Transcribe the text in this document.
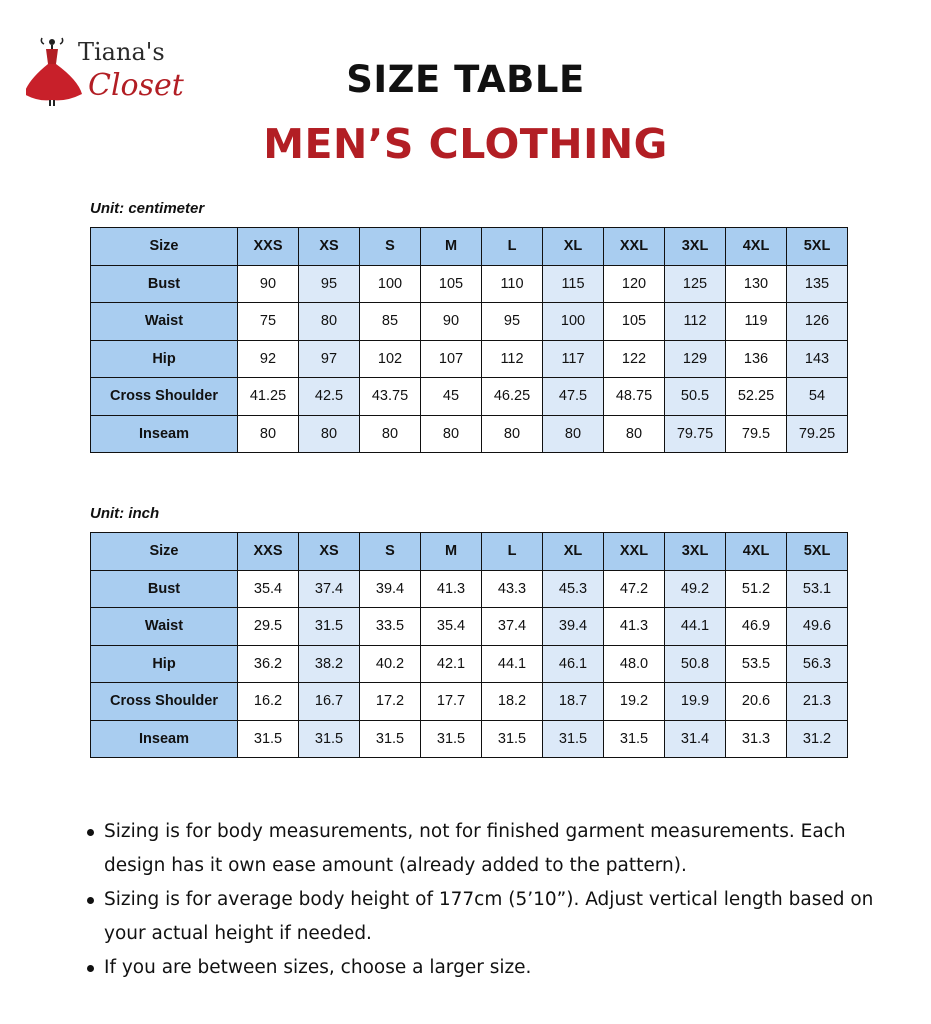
Tiana's
Closet	SIZE TABLE
MEN’S CLOTHING
Unit: centimeter
Size	XXS	XS	S	M	L	XL	XXL	3XL	4XL	5XL
Bust	90	95	100	105	110	115	120	125	130	135
Waist	75	80	85	90	95	100	105	112	119	126
Hip	92	97	102	107	112	117	122	129	136	143
Cross Shoulder	41.25	42.5	43.75	45	46.25	47.5	48.75	50.5	52.25	54
Inseam	80	80	80	80	80	80	80	79.75	79.5	79.25
Unit: inch
Size	XXS	XS	S	M	L	XL	XXL	3XL	4XL	5XL
Bust	35.4	37.4	39.4	41.3	43.3	45.3	47.2	49.2	51.2	53.1
Waist	29.5	31.5	33.5	35.4	37.4	39.4	41.3	44.1	46.9	49.6
Hip	36.2	38.2	40.2	42.1	44.1	46.1	48.0	50.8	53.5	56.3
Cross Shoulder	16.2	16.7	17.2	17.7	18.2	18.7	19.2	19.9	20.6	21.3
Inseam	31.5	31.5	31.5	31.5	31.5	31.5	31.5	31.4	31.3	31.2
Sizing is for body measurements, not for finished garment measurements. Each design has it own ease amount (already added to the pattern).
Sizing is for average body height of 177cm (5’10”). Adjust vertical length based on your actual height if needed.
If you are between sizes, choose a larger size.
